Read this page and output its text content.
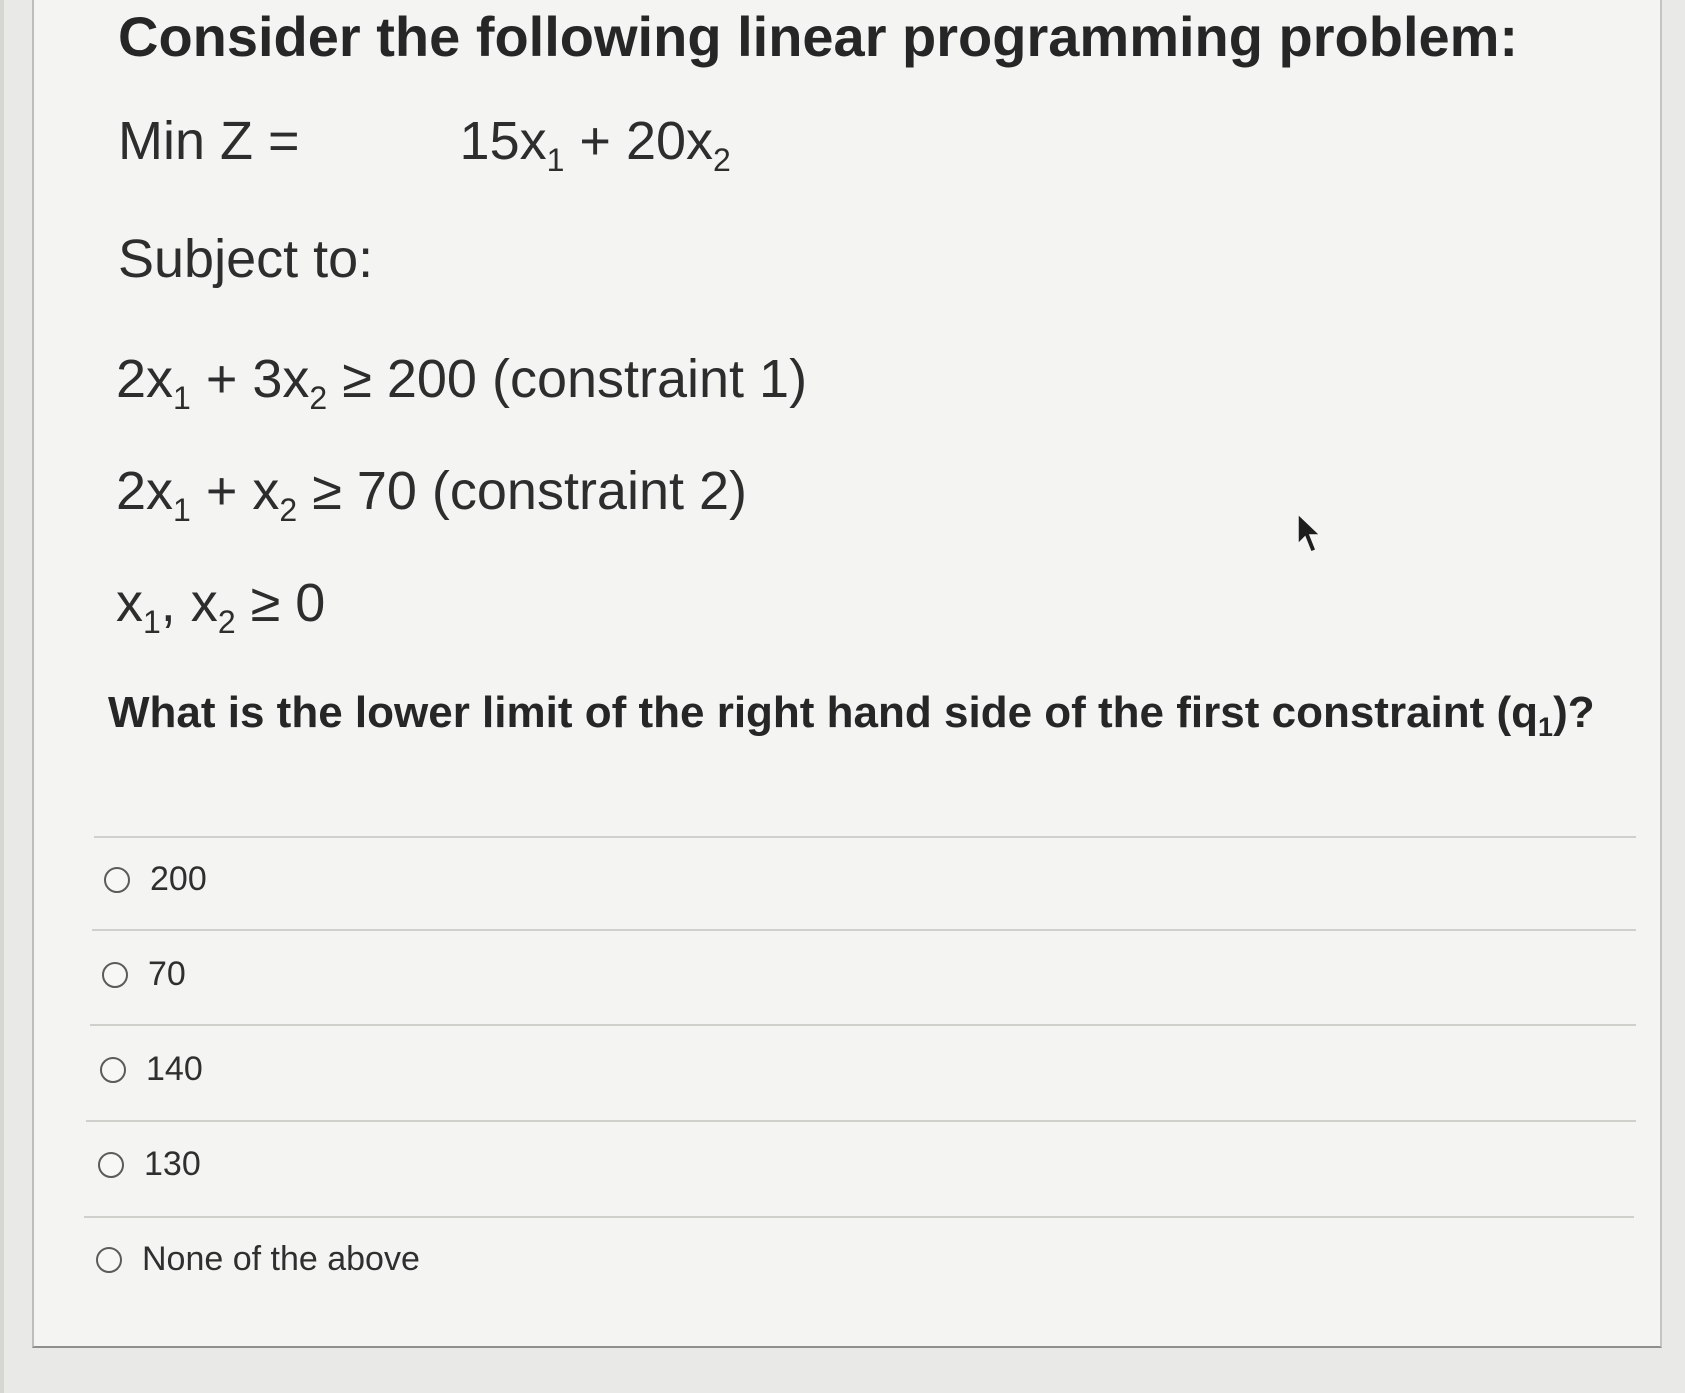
Consider the following linear programming problem:

Min Z =	$15x_1 + 20x_2$

Subject to:

$2x_1 + 3x_2 \ge 200$ (constraint 1)

$2x_1 + x_2 \ge 70$ (constraint 2)

$x_1$, $x_2 \ge 0$

What is the lower limit of the right hand side of the first constraint $(q_1)$?

200
70
140
130
None of the above
